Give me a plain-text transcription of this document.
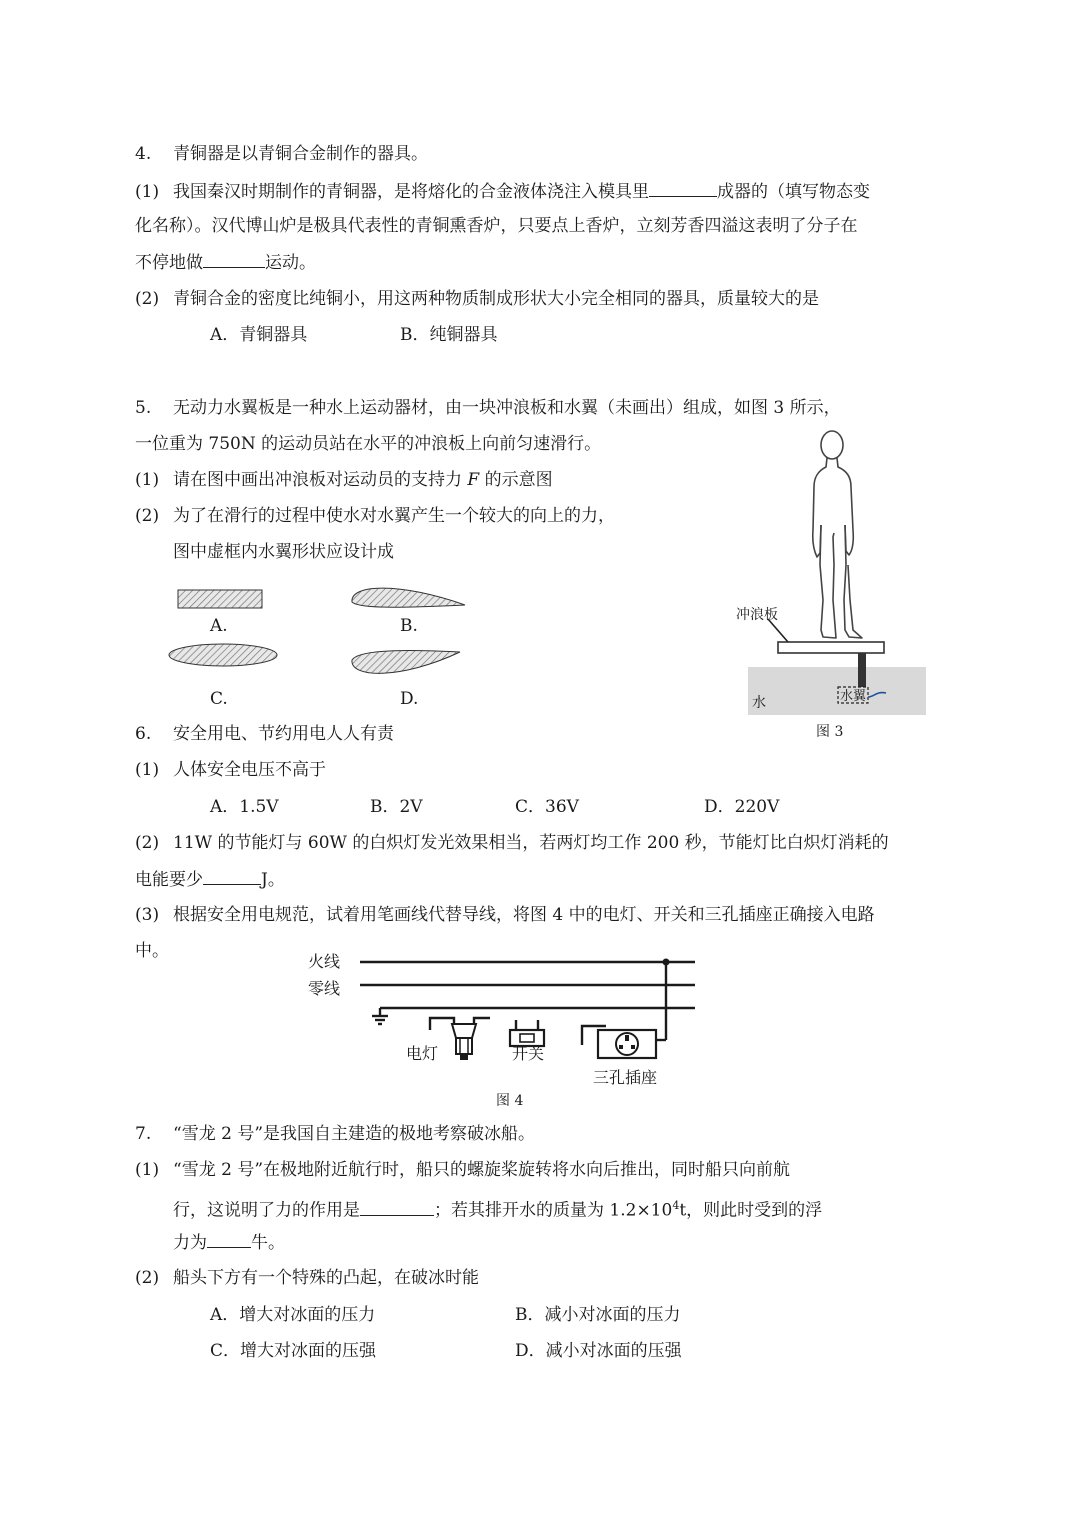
4. 青铜器是以青铜合金制作的器具。
(1) 我国秦汉时期制作的青铜器，是将熔化的合金液体浇注入模具里	成器的（填写物态变
化名称）。汉代博山炉是极具代表性的青铜熏香炉，只要点上香炉，立刻芳香四溢这表明了分子在
不停地做	运动。
(2) 青铜合金的密度比纯铜小，用这两种物质制成形状大小完全相同的器具，质量较大的是
A．青铜器具	B．纯铜器具
5. 无动力水翼板是一种水上运动器材，由一块冲浪板和水翼（未画出）组成，如图 3 所示，
一位重为 750N 的运动员站在水平的冲浪板上向前匀速滑行。
(1) 请在图中画出冲浪板对运动员的支持力 F 的示意图
(2) 为了在滑行的过程中使水对水翼产生一个较大的向上的力，
图中虚框内水翼形状应设计成
A.	B.
C.	D.
冲浪板
水	水翼
图 3
6. 安全用电、节约用电人人有责
(1) 人体安全电压不高于
A．1.5V	B．2V	C．36V	D．220V
(2) 11W 的节能灯与 60W 的白炽灯发光效果相当，若两灯均工作 200 秒，节能灯比白炽灯消耗的
电能要少	J。
(3) 根据安全用电规范，试着用笔画线代替导线，将图 4 中的电灯、开关和三孔插座正确接入电路
中。
火线
零线
电灯	开关
三孔插座
图 4
7. “雪龙 2 号”是我国自主建造的极地考察破冰船。
(1) “雪龙 2 号”在极地附近航行时，船只的螺旋桨旋转将水向后推出，同时船只向前航
行，这说明了力的作用是	；若其排开水的质量为 $1.2\times 10^4t$，则此时受到的浮
力为	牛。
(2) 船头下方有一个特殊的凸起，在破冰时能
A．增大对冰面的压力	B．减小对冰面的压力
C．增大对冰面的压强	D．减小对冰面的压强
